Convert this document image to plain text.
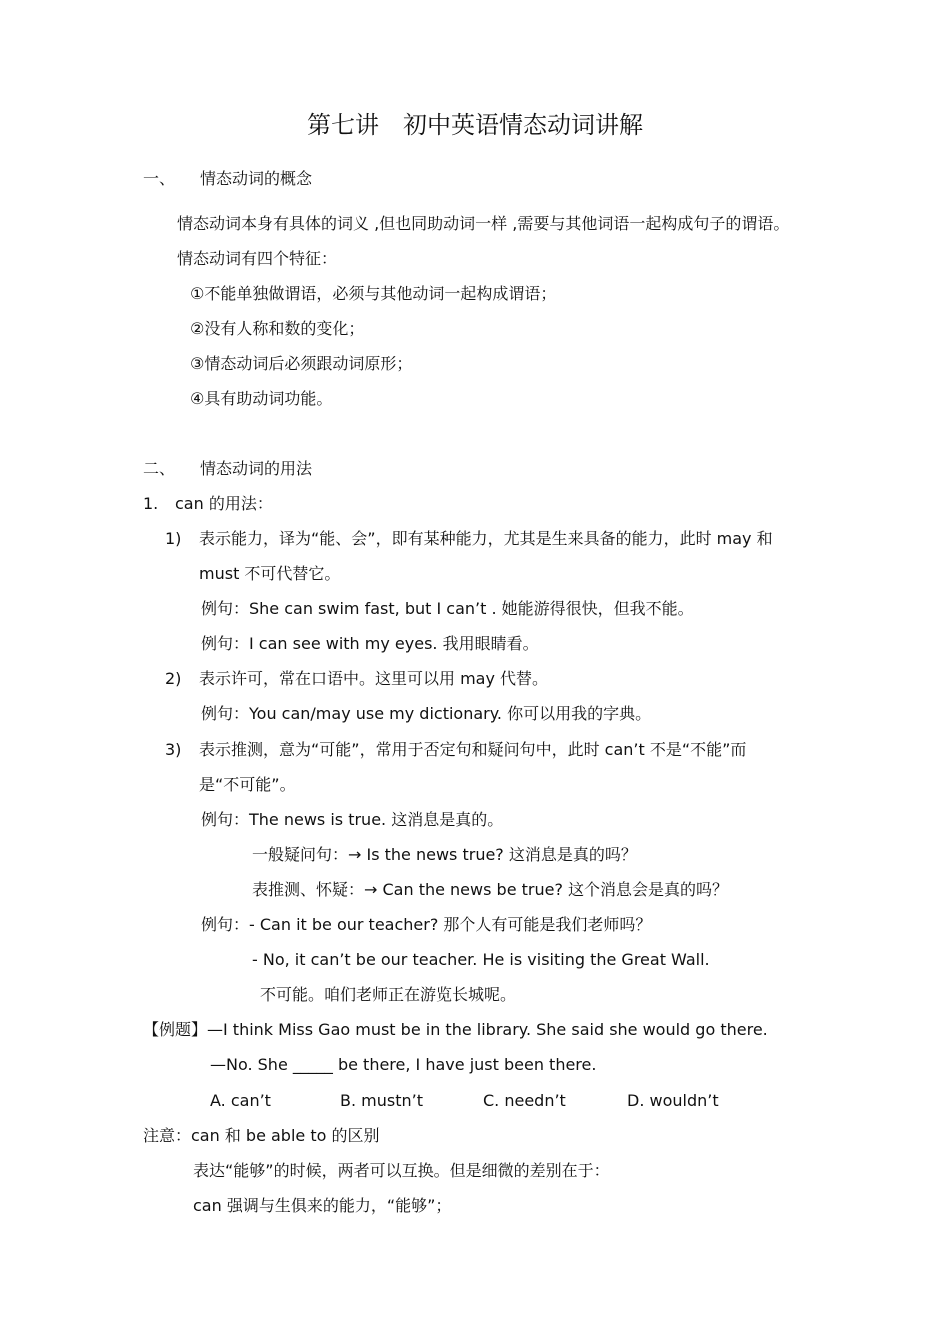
第七讲　初中英语情态动词讲解
一、 情态动词的概念
情态动词本身有具体的词义 ,但也同助动词一样 ,需要与其他词语一起构成句子的谓语。
情态动词有四个特征：
①不能单独做谓语，必须与其他动词一起构成谓语；
②没有人称和数的变化；
③情态动词后必须跟动词原形；
④具有助动词功能。
二、 情态动词的用法
1. can 的用法：
1) 表示能力，译为“能、会”，即有某种能力，尤其是生来具备的能力，此时 may 和
must 不可代替它。
例句：She can swim fast, but I can’t . 她能游得很快，但我不能。
例句：I can see with my eyes. 我用眼睛看。
2) 表示许可，常在口语中。这里可以用 may 代替。
例句：You can/may use my dictionary. 你可以用我的字典。
3) 表示推测，意为“可能”，常用于否定句和疑问句中，此时 can’t 不是“不能”而
是“不可能”。
例句：The news is true. 这消息是真的。
一般疑问句：→ Is the news true? 这消息是真的吗？
表推测、怀疑：→ Can the news be true? 这个消息会是真的吗？
例句：- Can it be our teacher? 那个人有可能是我们老师吗？
- No, it can’t be our teacher. He is visiting the Great Wall.
不可能。咱们老师正在游览长城呢。
【例题】—I think Miss Gao must be in the library. She said she would go there.
—No. She _____ be there, I have just been there.
A. can’t	B. mustn’t	C. needn’t	D. wouldn’t
注意：can 和 be able to 的区别
表达“能够”的时候，两者可以互换。但是细微的差别在于：
can 强调与生俱来的能力，“能够”；
